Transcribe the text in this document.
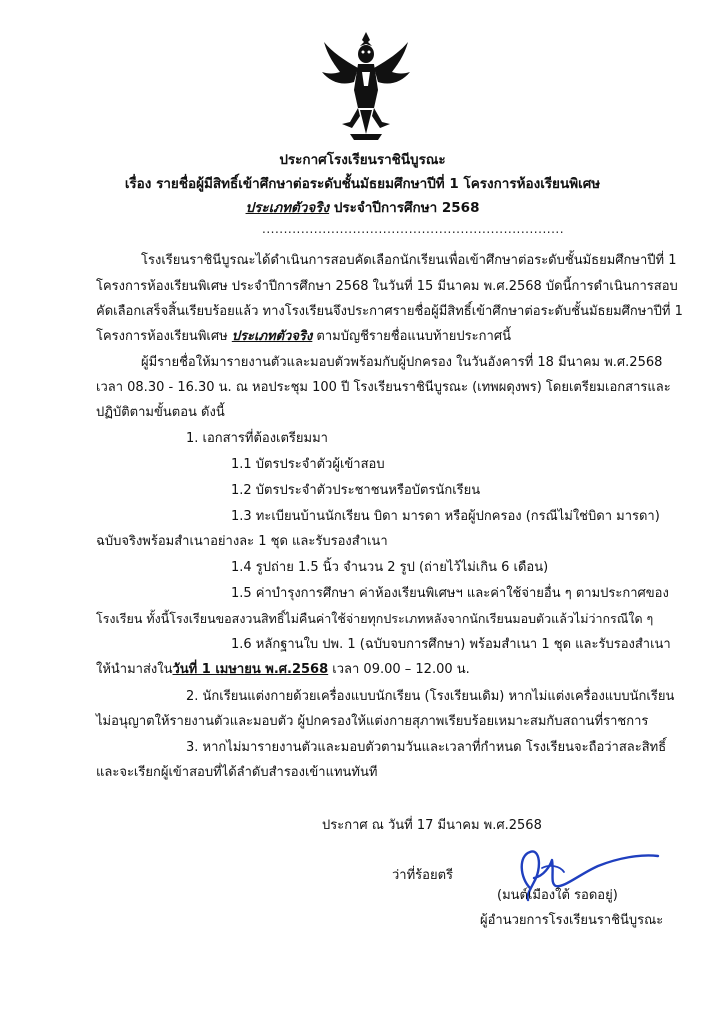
ประกาศโรงเรียนราชินีบูรณะ
เรื่อง รายชื่อผู้มีสิทธิ์เข้าศึกษาต่อระดับชั้นมัธยมศึกษาปีที่ 1 โครงการห้องเรียนพิเศษ
ประเภทตัวจริง ประจำปีการศึกษา 2568
......................................................................
โรงเรียนราชินีบูรณะได้ดำเนินการสอบคัดเลือกนักเรียนเพื่อเข้าศึกษาต่อระดับชั้นมัธยมศึกษาปีที่ 1
โครงการห้องเรียนพิเศษ ประจำปีการศึกษา 2568 ในวันที่ 15 มีนาคม พ.ศ.2568 บัดนี้การดำเนินการสอบ
คัดเลือกเสร็จสิ้นเรียบร้อยแล้ว ทางโรงเรียนจึงประกาศรายชื่อผู้มีสิทธิ์เข้าศึกษาต่อระดับชั้นมัธยมศึกษาปีที่ 1
โครงการห้องเรียนพิเศษ ประเภทตัวจริง ตามบัญชีรายชื่อแนบท้ายประกาศนี้
ผู้มีรายชื่อให้มารายงานตัวและมอบตัวพร้อมกับผู้ปกครอง ในวันอังคารที่ 18 มีนาคม พ.ศ.2568
เวลา 08.30 - 16.30 น. ณ หอประชุม 100 ปี โรงเรียนราชินีบูรณะ (เทพผดุงพร) โดยเตรียมเอกสารและ
ปฏิบัติตามขั้นตอน ดังนี้
1. เอกสารที่ต้องเตรียมมา
1.1 บัตรประจำตัวผู้เข้าสอบ
1.2 บัตรประจำตัวประชาชนหรือบัตรนักเรียน
1.3 ทะเบียนบ้านนักเรียน บิดา มารดา หรือผู้ปกครอง (กรณีไม่ใช่บิดา มารดา)
ฉบับจริงพร้อมสำเนาอย่างละ 1 ชุด และรับรองสำเนา
1.4 รูปถ่าย 1.5 นิ้ว จำนวน 2 รูป (ถ่ายไว้ไม่เกิน 6 เดือน)
1.5 ค่าบำรุงการศึกษา ค่าห้องเรียนพิเศษฯ และค่าใช้จ่ายอื่น ๆ ตามประกาศของ
โรงเรียน ทั้งนี้โรงเรียนขอสงวนสิทธิ์ไม่คืนค่าใช้จ่ายทุกประเภทหลังจากนักเรียนมอบตัวแล้วไม่ว่ากรณีใด ๆ
1.6 หลักฐานใบ ปพ. 1 (ฉบับจบการศึกษา) พร้อมสำเนา 1 ชุด และรับรองสำเนา
ให้นำมาส่งในวันที่ 1 เมษายน พ.ศ.2568 เวลา 09.00 – 12.00 น.
2. นักเรียนแต่งกายด้วยเครื่องแบบนักเรียน (โรงเรียนเดิม) หากไม่แต่งเครื่องแบบนักเรียน
ไม่อนุญาตให้รายงานตัวและมอบตัว ผู้ปกครองให้แต่งกายสุภาพเรียบร้อยเหมาะสมกับสถานที่ราชการ
3. หากไม่มารายงานตัวและมอบตัวตามวันและเวลาที่กำหนด โรงเรียนจะถือว่าสละสิทธิ์
และจะเรียกผู้เข้าสอบที่ได้ลำดับสำรองเข้าแทนทันที
ประกาศ ณ วันที่ 17 มีนาคม พ.ศ.2568
ว่าที่ร้อยตรี
(มนต์เมืองใต้ รอดอยู่)
ผู้อำนวยการโรงเรียนราชินีบูรณะ
